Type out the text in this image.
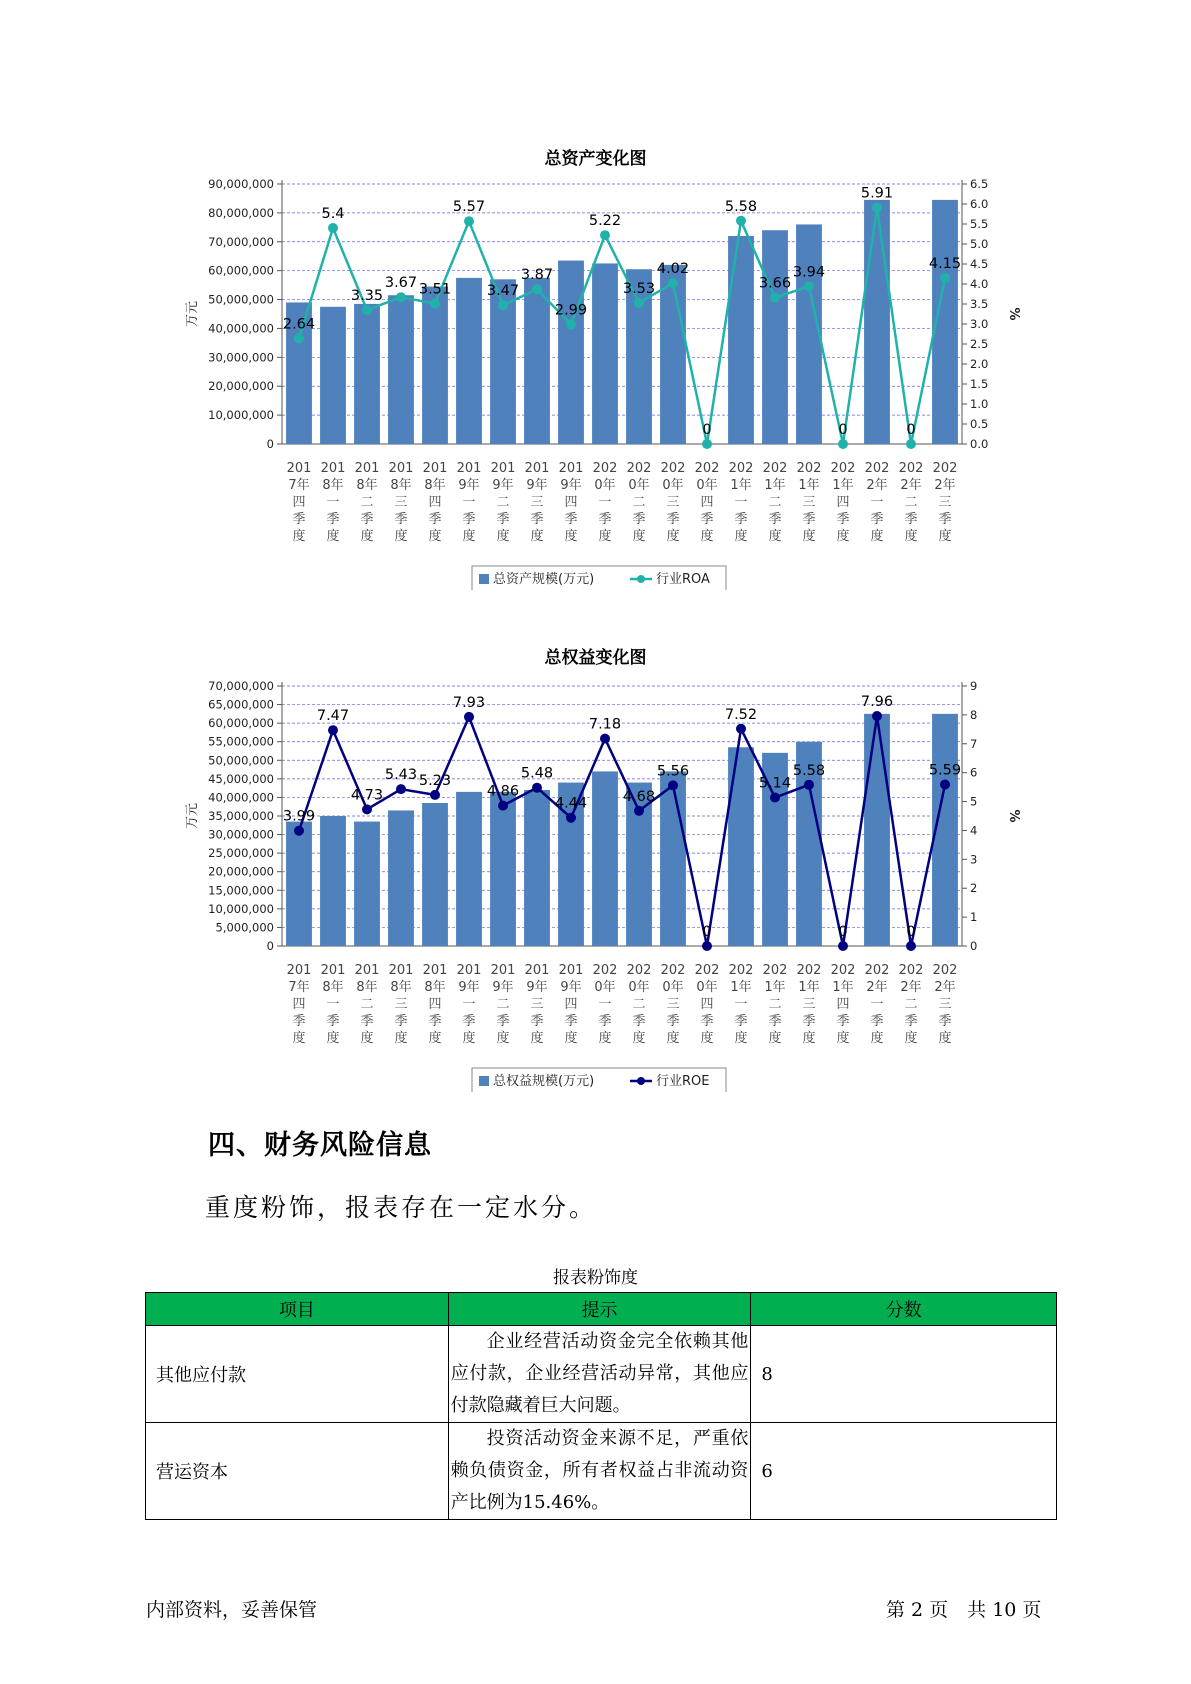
总资产变化图
0
10,000,000
20,000,000
30,000,000
40,000,000
50,000,000
60,000,000
70,000,000
80,000,000
90,000,000
0.0
0.5
1.0
1.5
2.0
2.5
3.0
3.5
4.0
4.5
5.0
5.5
6.0
6.5
万元	%
2.64
5.4
3.35
3.67 3.51
5.57
3.47
3.87
2.99
5.22
3.53
4.02
0
5.58
3.66
3.94
0
5.91
0
4.15
201
7年
四
季
度
201
8年
一
季
度
201
8年
二
季
度
201
8年
三
季
度
201
8年
四
季
度
201
9年
一
季
度
201
9年
二
季
度
201
9年
三
季
度
201
9年
四
季
度
202
0年
一
季
度
202
0年
二
季
度
202
0年
三
季
度
202
0年
四
季
度
202
1年
一
季
度
202
1年
二
季
度
202
1年
三
季
度
202
1年
四
季
度
202
2年
一
季
度
202
2年
二
季
度
202
2年
三
季
度
总资产规模(万元)	行业ROA
总权益变化图
0
5,000,000
10,000,000
15,000,000
20,000,000
25,000,000
30,000,000
35,000,000
40,000,000
45,000,000
50,000,000
55,000,000
60,000,000
65,000,000
70,000,000
0
1
2
3
4
5
6
7
8
9
万元	%
3.99
7.47
4.73
5.43 5.23
7.93
4.86
5.48
4.44
7.18
4.68
5.56
0
7.52
5.14
5.58
0
7.96
0
5.59
201
7年
四
季
度
201
8年
一
季
度
201
8年
二
季
度
201
8年
三
季
度
201
8年
四
季
度
201
9年
一
季
度
201
9年
二
季
度
201
9年
三
季
度
201
9年
四
季
度
202
0年
一
季
度
202
0年
二
季
度
202
0年
三
季
度
202
0年
四
季
度
202
1年
一
季
度
202
1年
二
季
度
202
1年
三
季
度
202
1年
四
季
度
202
2年
一
季
度
202
2年
二
季
度
202
2年
三
季
度
总权益规模(万元)	行业ROE
四、财务风险信息
重度粉饰，报表存在一定水分。
报表粉饰度
项目	提示	分数
其他应付款	企业经营活动资金完全依赖其他应付款，企业经营活动异常，其他应付款隐藏着巨大问题。	8
营运资本	投资活动资金来源不足，严重依赖负债资金，所有者权益占非流动资产比例为15.46%。	6
内部资料，妥善保管	第 2 页　共 10 页
